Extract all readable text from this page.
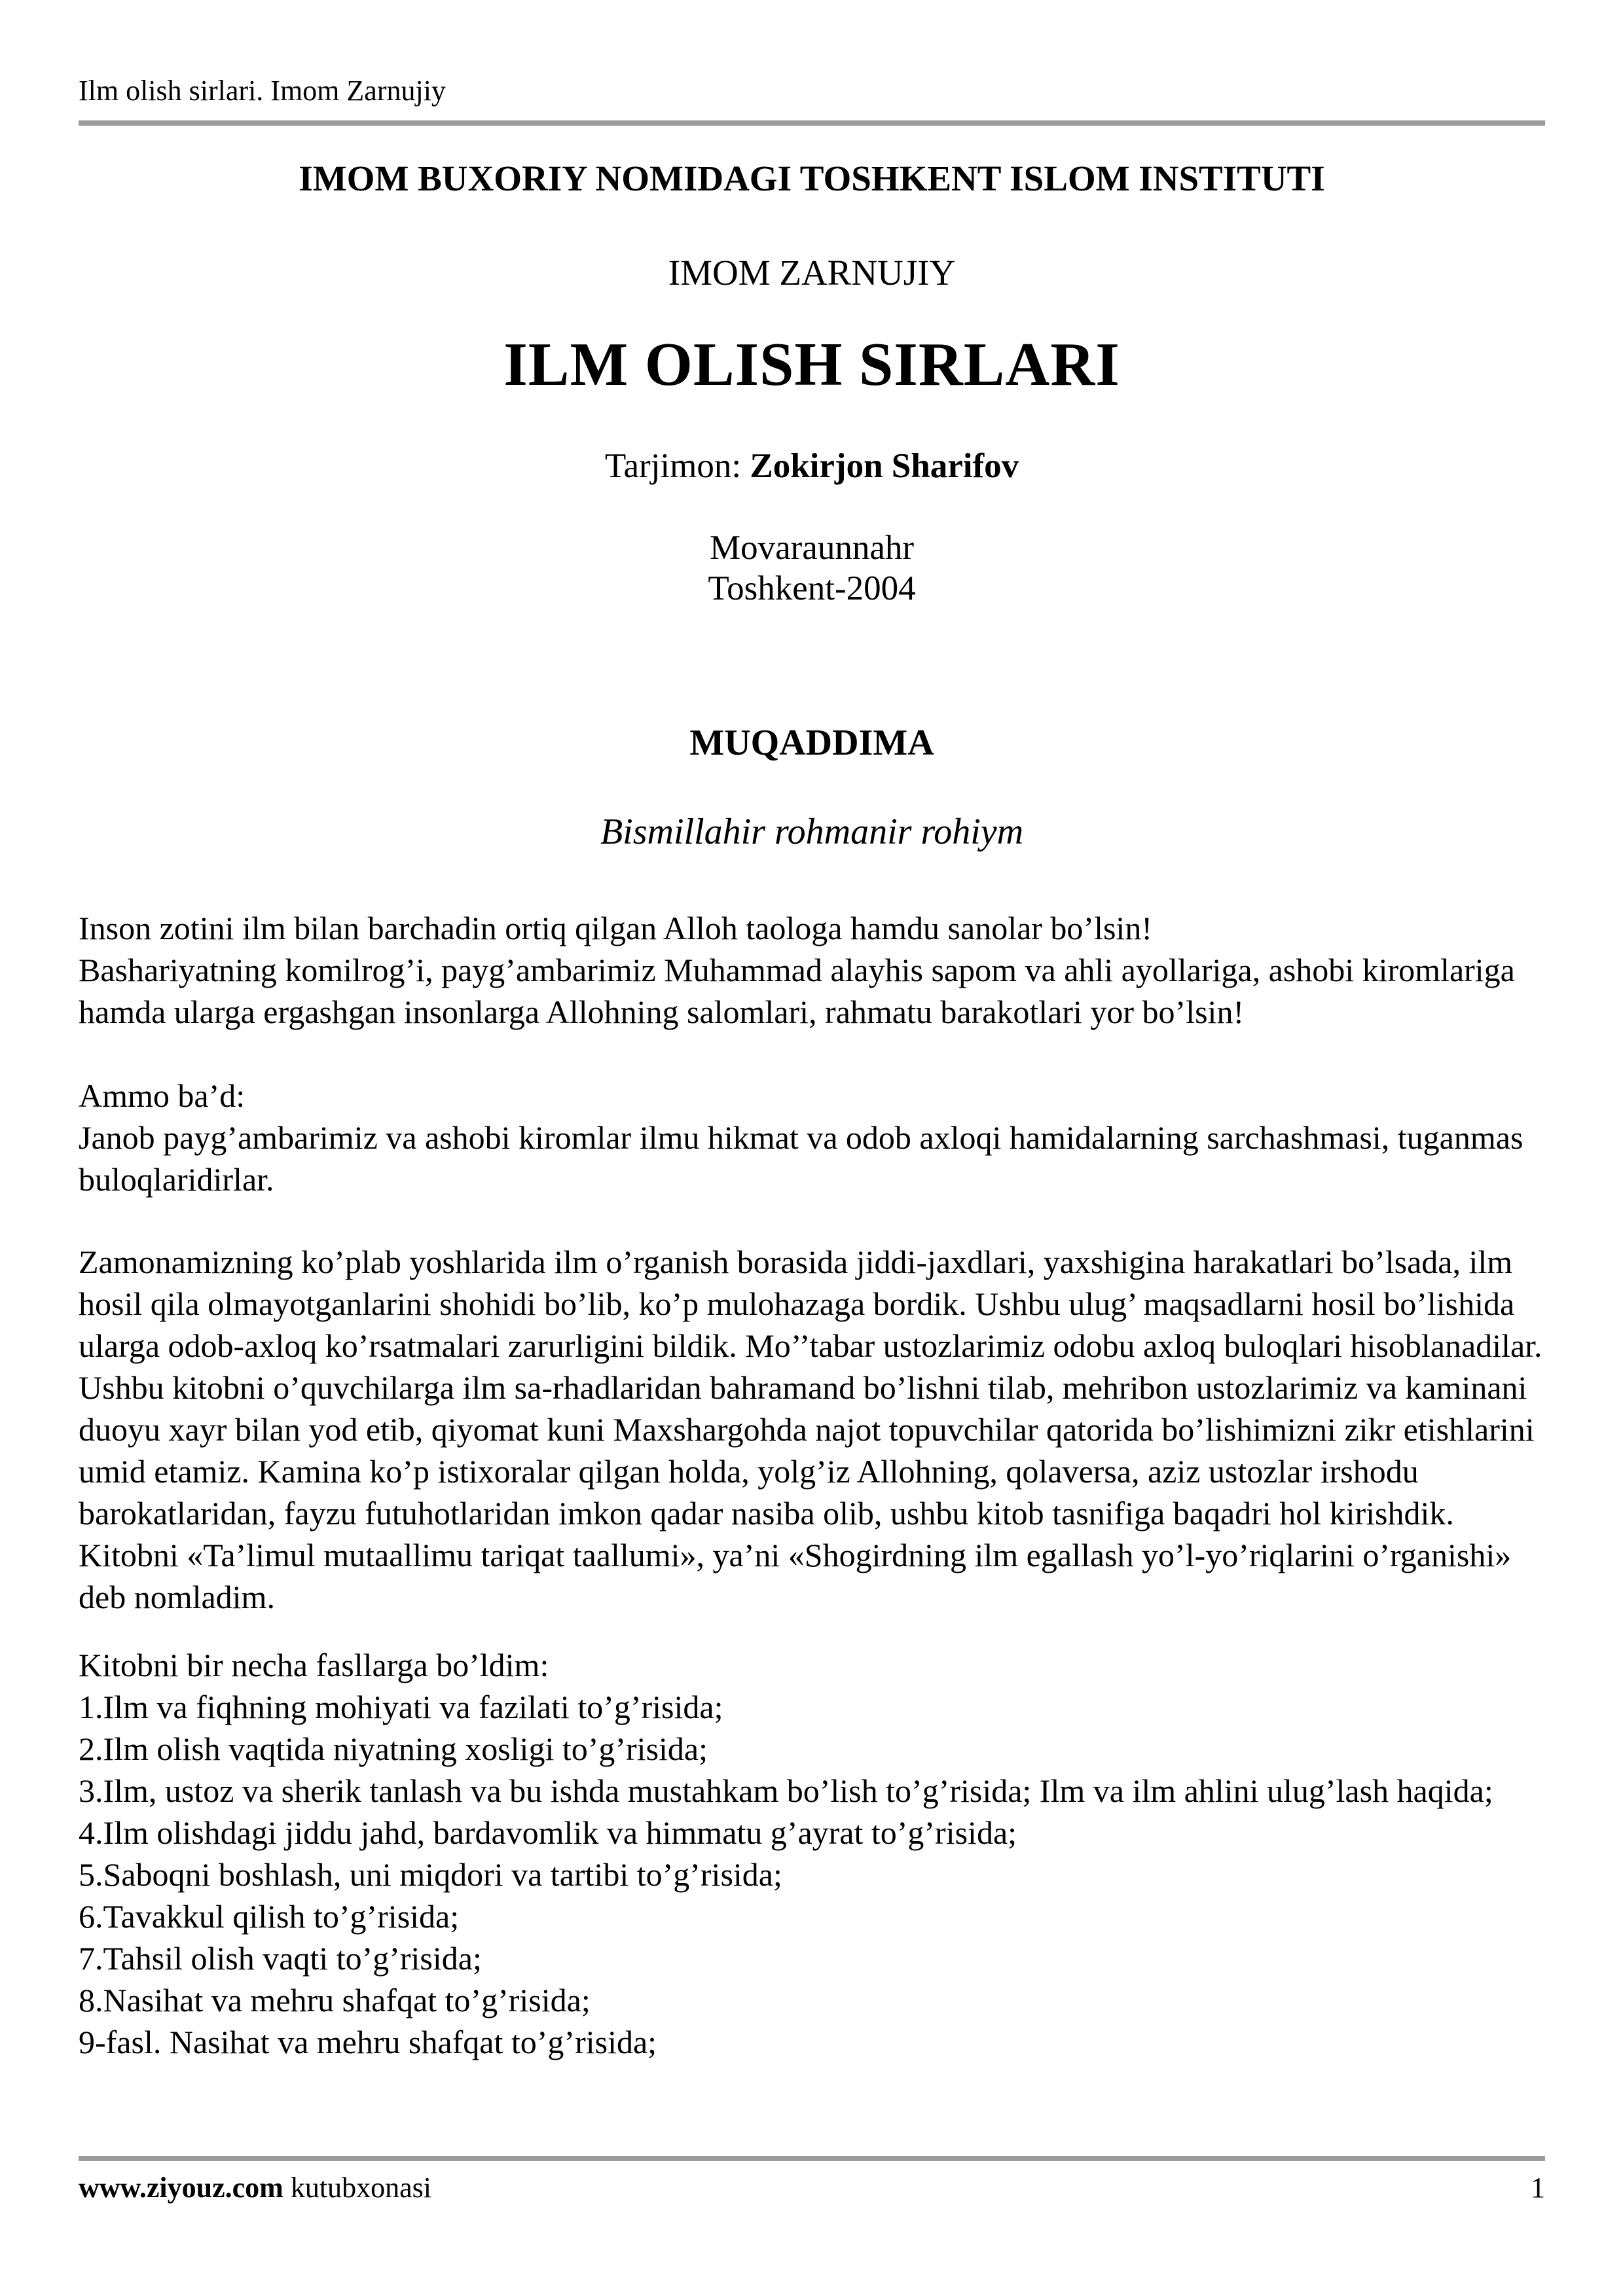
Ilm olish sirlari. Imom Zarnujiy
IMOM BUXORIY NOMIDAGI TOSHKENT ISLOM INSTITUTI
IMOM ZARNUJIY
ILM OLISH SIRLARI
Tarjimon: Zokirjon Sharifov
Movaraunnahr
Toshkent-2004
MUQADDIMA
Bismillahir rohmanir rohiym
Inson zotini ilm bilan barchadin ortiq qilgan Alloh taologa hamdu sanolar bo’lsin!
Bashariyatning komilrog’i, payg’ambarimiz Muhammad alayhis sapom va ahli ayollariga, ashobi kiromlariga hamda ularga ergashgan insonlarga Allohning salomlari, rahmatu barakotlari yor bo’lsin!
Ammo ba’d:
Janob payg’ambarimiz va ashobi kiromlar ilmu hikmat va odob axloqi hamidalarning sarchashmasi, tuganmas buloqlaridirlar.
Zamonamizning ko’plab yoshlarida ilm o’rganish borasida jiddi-jaxdlari, yaxshigina harakatlari bo’lsada, ilm hosil qila olmayotganlarini shohidi bo’lib, ko’p mulohazaga bordik. Ushbu ulug’ maqsadlarni hosil bo’lishida ularga odob-axloq ko’rsatmalari zarurligini bildik. Mo’’tabar ustozlarimiz odobu axloq buloqlari hisoblanadilar. Ushbu kitobni o’quvchilarga ilm sa-rhadlaridan bahramand bo’lishni tilab, mehribon ustozlarimiz va kaminani duoyu xayr bilan yod etib, qiyomat kuni Maxshargohda najot topuvchilar qatorida bo’lishimizni zikr etishlarini umid etamiz. Kamina ko’p istixoralar qilgan holda, yolg’iz Allohning, qolaversa, aziz ustozlar irshodu barokatlaridan, fayzu futuhotlaridan imkon qadar nasiba olib, ushbu kitob tasnifiga baqadri hol kirishdik. Kitobni «Ta’limul mutaallimu tariqat taallumi», ya’ni «Shogirdning ilm egallash yo’l-yo’riqlarini o’rganishi» deb nomladim.
Kitobni bir necha fasllarga bo’ldim:
1.Ilm va fiqhning mohiyati va fazilati to’g’risida;
2.Ilm olish vaqtida niyatning xosligi to’g’risida;
3.Ilm, ustoz va sherik tanlash va bu ishda mustahkam bo’lish to’g’risida; Ilm va ilm ahlini ulug’lash haqida;
4.Ilm olishdagi jiddu jahd, bardavomlik va himmatu g’ayrat to’g’risida;
5.Saboqni boshlash, uni miqdori va tartibi to’g’risida;
6.Tavakkul qilish to’g’risida;
7.Tahsil olish vaqti to’g’risida;
8.Nasihat va mehru shafqat to’g’risida;
9-fasl. Nasihat va mehru shafqat to’g’risida;
www.ziyouz.com kutubxonasi	1
